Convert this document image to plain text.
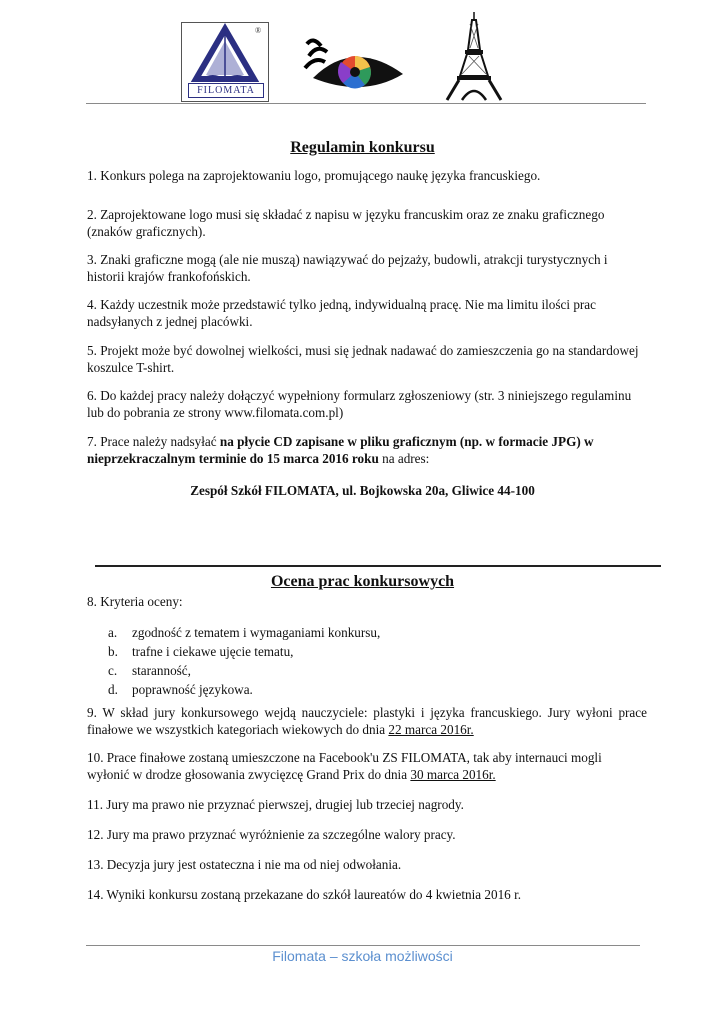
FILOMATA
®
Regulamin konkursu

1. Konkurs polega na zaprojektowaniu logo, promującego naukę języka francuskiego.

2. Zaprojektowane logo musi się składać z napisu w języku francuskim oraz ze znaku graficznego (znaków graficznych).

3. Znaki graficzne mogą (ale nie muszą) nawiązywać do pejzaży, budowli, atrakcji turystycznych i historii krajów frankofońskich.

4. Każdy uczestnik może przedstawić tylko jedną, indywidualną pracę. Nie ma limitu ilości prac nadsyłanych z jednej placówki.

5. Projekt może być dowolnej wielkości, musi się jednak nadawać do zamieszczenia go na standardowej koszulce T-shirt.

6. Do każdej pracy należy dołączyć wypełniony formularz zgłoszeniowy (str. 3 niniejszego regulaminu lub do pobrania ze strony www.filomata.com.pl)

7. Prace należy nadsyłać na płycie CD zapisane w pliku graficznym (np. w formacie JPG) w nieprzekraczalnym terminie do 15 marca 2016 roku na adres:

Zespół Szkół FILOMATA, ul. Bojkowska 20a, Gliwice 44-100
Ocena prac konkursowych

8. Kryteria oceny:

a.	zgodność z tematem i wymaganiami konkursu,
b.	trafne i ciekawe ujęcie tematu,
c.	staranność,
d.	poprawność językowa.

9. W skład jury konkursowego wejdą nauczyciele: plastyki i języka francuskiego. Jury wyłoni prace finałowe we wszystkich kategoriach wiekowych do dnia 22 marca 2016r.

10. Prace finałowe zostaną umieszczone na Facebook'u ZS FILOMATA, tak aby internauci mogli wyłonić w drodze głosowania zwycięzcę Grand Prix do dnia 30 marca 2016r.

11. Jury ma prawo nie przyznać pierwszej, drugiej lub trzeciej nagrody.

12. Jury ma prawo przyznać wyróżnienie za szczególne walory pracy.

13. Decyzja jury jest ostateczna i nie ma od niej odwołania.

14. Wyniki konkursu zostaną przekazane do szkół laureatów do 4 kwietnia 2016 r.

Filomata – szkoła możliwości
